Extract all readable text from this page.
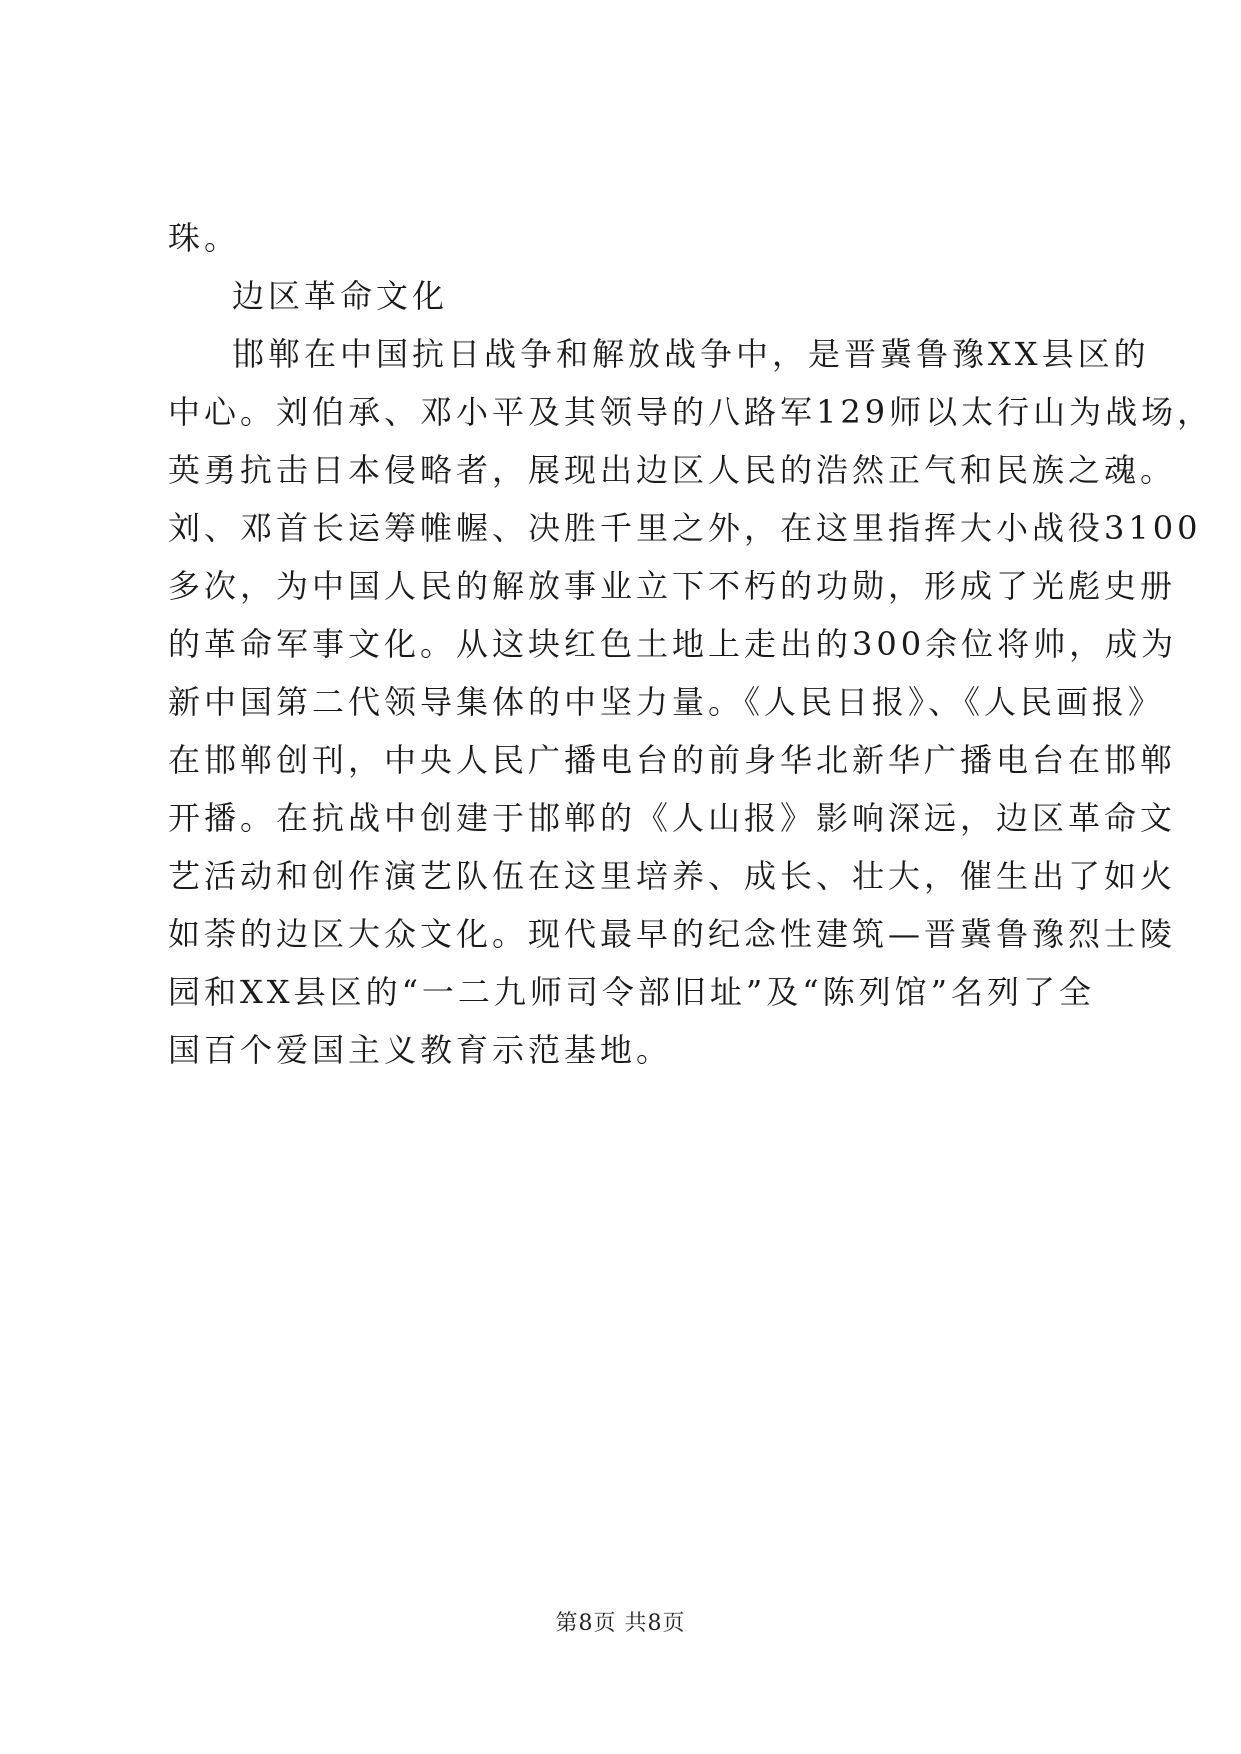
珠。
边区革命文化
邯郸在中国抗日战争和解放战争中，是晋冀鲁豫XX县区的
中心。刘伯承、邓小平及其领导的八路军129师以太行山为战场，
英勇抗击日本侵略者，展现出边区人民的浩然正气和民族之魂。
刘、邓首长运筹帷幄、决胜千里之外，在这里指挥大小战役3100
多次，为中国人民的解放事业立下不朽的功勋，形成了光彪史册
的革命军事文化。从这块红色土地上走出的300余位将帅，成为
新中国第二代领导集体的中坚力量。《人民日报》、《人民画报》
在邯郸创刊，中央人民广播电台的前身华北新华广播电台在邯郸
开播。在抗战中创建于邯郸的《人山报》影响深远，边区革命文
艺活动和创作演艺队伍在这里培养、成长、壮大，催生出了如火
如荼的边区大众文化。现代最早的纪念性建筑—晋冀鲁豫烈士陵
园和XX县区的“一二九师司令部旧址”及“陈列馆”名列了全
国百个爱国主义教育示范基地。
第8页 共8页
